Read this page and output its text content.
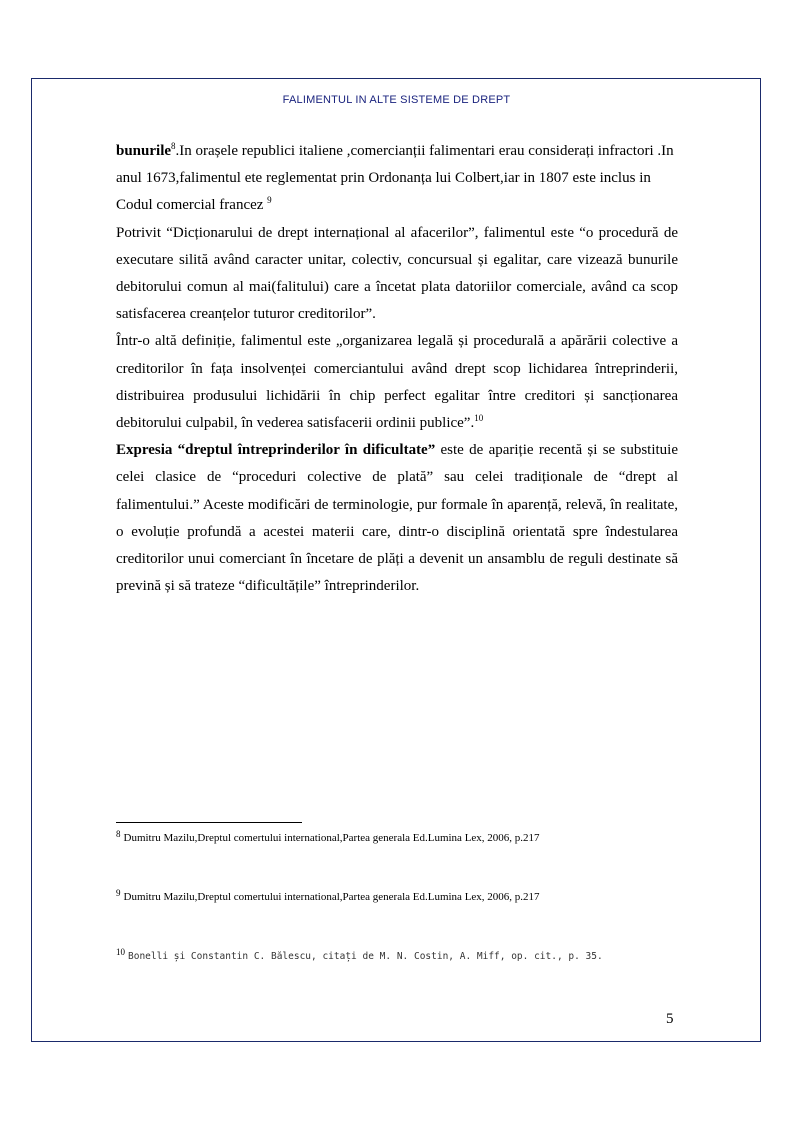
FALIMENTUL IN ALTE SISTEME DE DREPT

bunurile$^8$.In orașele republici italiene ,comercianții falimentari erau considerați infractori .In anul 1673,falimentul ete reglementat prin Ordonanța lui Colbert,iar in 1807 este inclus in Codul comercial francez $^9$

Potrivit “Dicționarului de drept internațional al afacerilor”, falimentul este “o procedură de executare silită având caracter unitar, colectiv, concursual și egalitar, care vizează bunurile debitorului comun al mai(falitului) care a încetat plata datoriilor comerciale, având ca scop satisfacerea creanțelor tuturor creditorilor”.

Într-o altă definiție, falimentul este „organizarea legală și procedurală a apărării colective a creditorilor în fața insolvenței comerciantului având drept scop lichidarea întreprinderii, distribuirea produsului lichidării în chip perfect egalitar între creditori și sancționarea debitorului culpabil, în vederea satisfacerii ordinii publice”.$^{10}$

Expresia “dreptul întreprinderilor în dificultate” este de apariție recentă și se substituie celei clasice de “proceduri colective de plată” sau celei tradiționale de “drept al falimentului.” Aceste modificări de terminologie, pur formale în aparență, relevă, în realitate, o evoluție profundă a acestei materii care, dintr-o disciplină orientată spre îndestularea creditorilor unui comerciant în încetare de plăți a devenit un ansamblu de reguli destinate să prevină și să trateze “dificultățile” întreprinderilor.

$^8$ Dumitru Mazilu,Dreptul comertului international,Partea generala Ed.Lumina Lex, 2006, p.217
$^9$ Dumitru Mazilu,Dreptul comertului international,Partea generala Ed.Lumina Lex, 2006, p.217
$^{10}$ Bonelli și Constantin C. Bălescu, citați de M. N. Costin, A. Miff, op. cit., p. 35.
5
